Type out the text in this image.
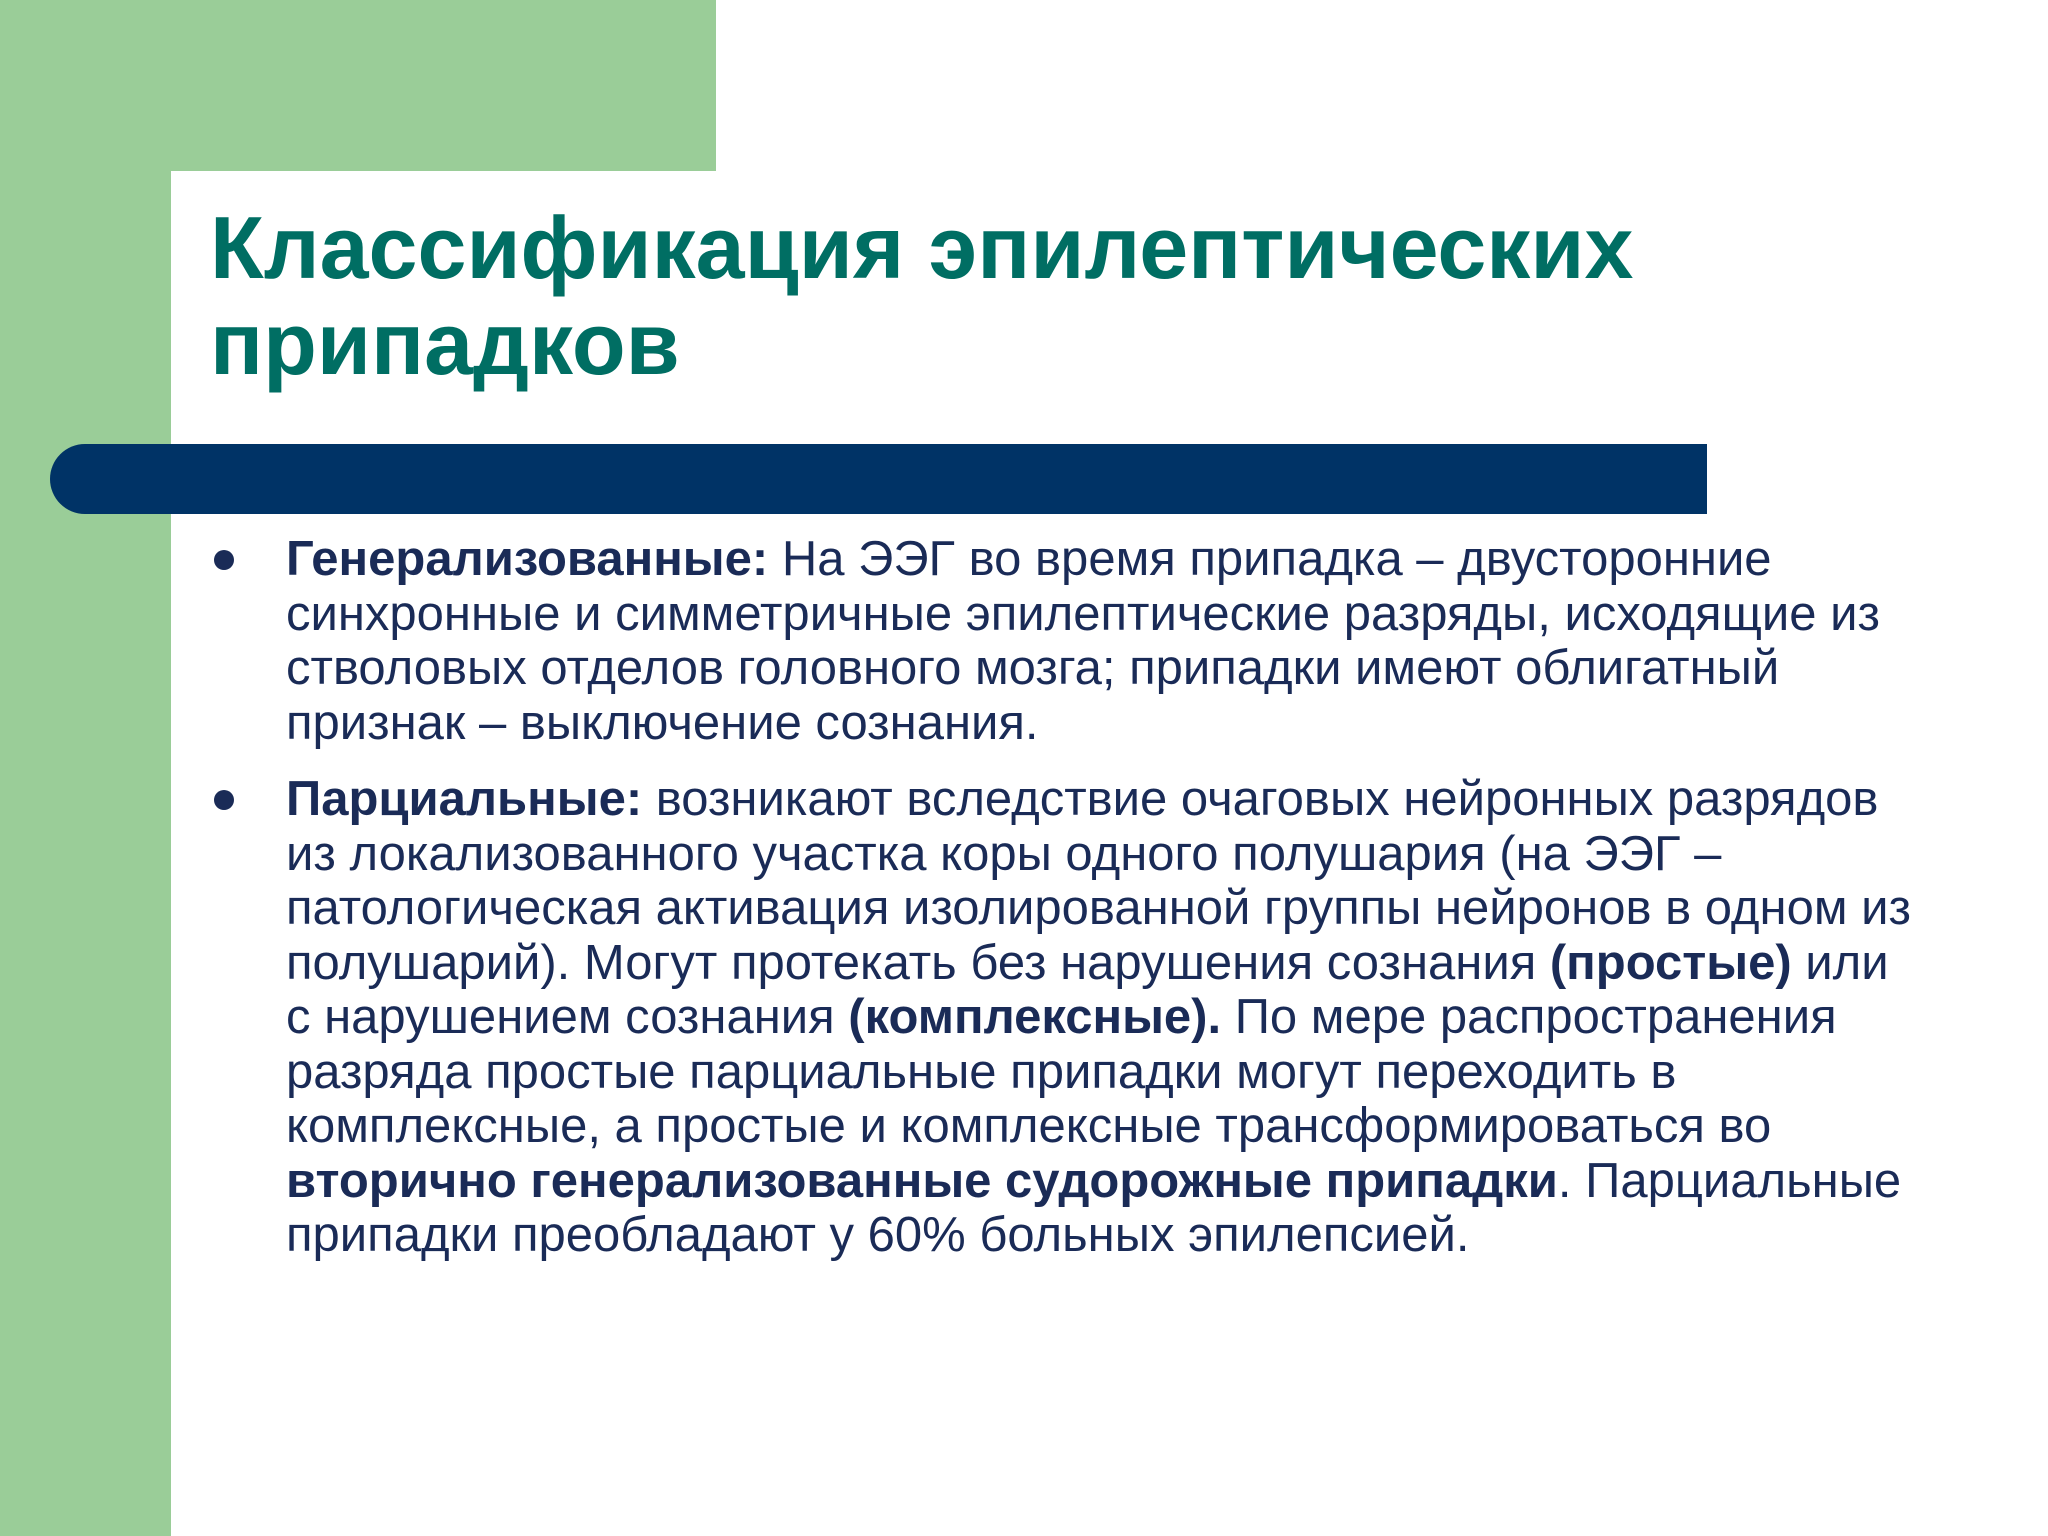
Классификация эпилептических
припадков
Генерализованные: На ЭЭГ во время припадка – двусторонние синхронные и симметричные эпилептические разряды, исходящие из стволовых отделов головного мозга; припадки имеют облигатный признак – выключение сознания.
Парциальные: возникают вследствие очаговых нейронных разрядов из локализованного участка коры одного полушария (на ЭЭГ – патологическая активация изолированной группы нейронов в одном из полушарий). Могут протекать без нарушения сознания (простые) или с нарушением сознания (комплексные). По мере распространения разряда простые парциальные припадки могут переходить в комплексные, а простые и комплексные трансформироваться во вторично генерализованные судорожные припадки. Парциальные припадки преобладают у 60% больных эпилепсией.
